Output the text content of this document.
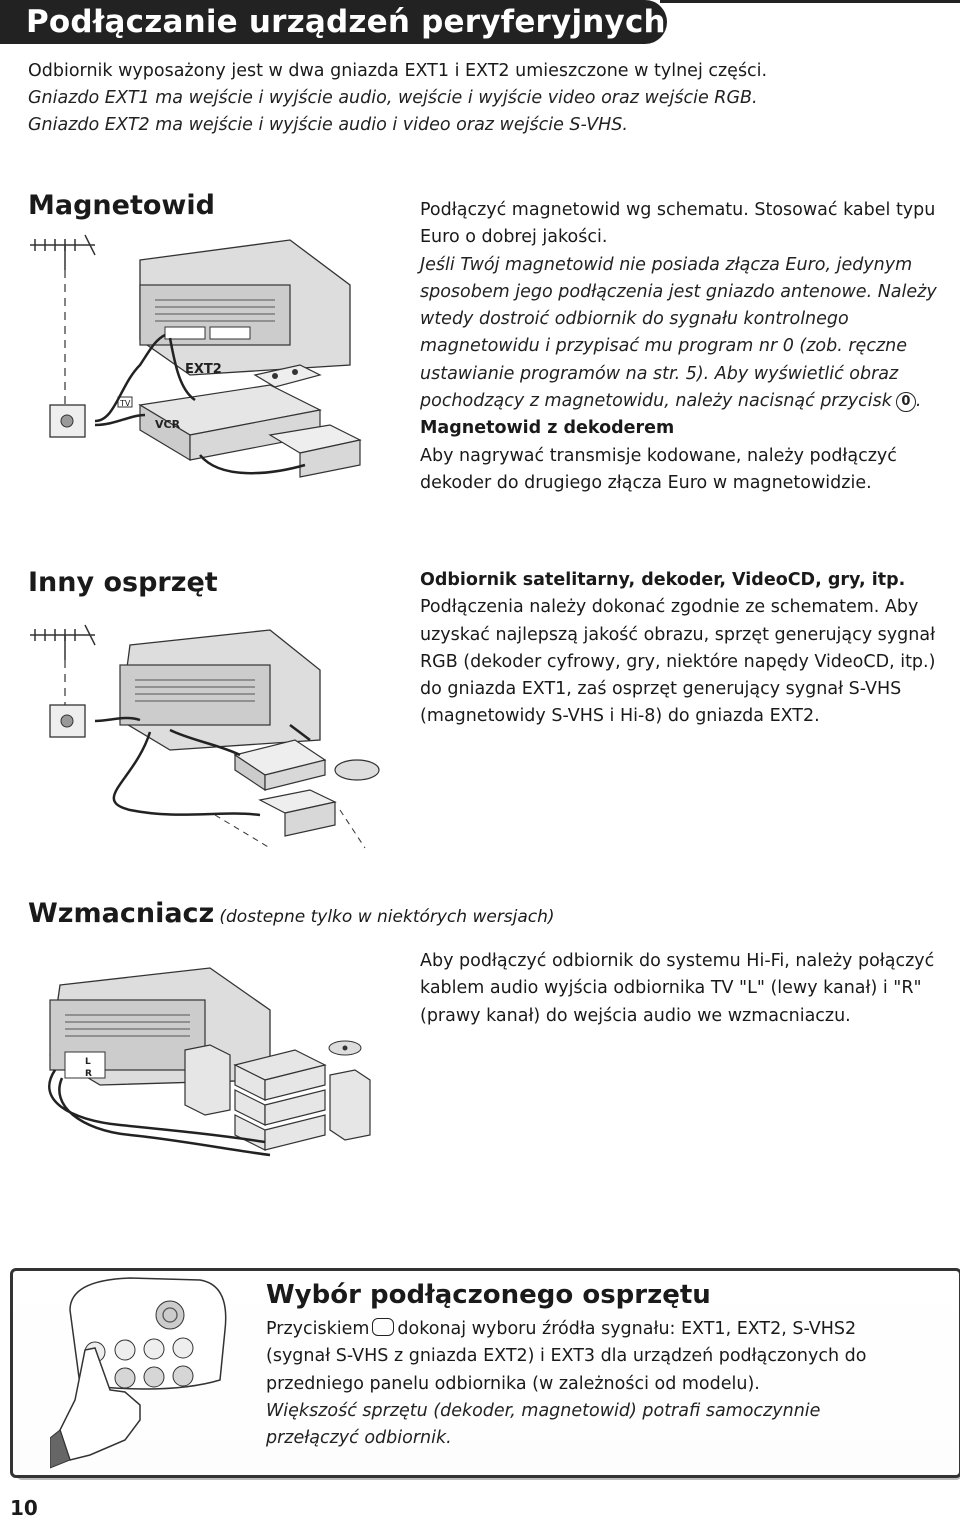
Podłączanie urządzeń peryferyjnych
Odbiornik wyposażony jest w dwa gniazda EXT1 i EXT2 umieszczone w tylnej części.
Gniazdo EXT1 ma wejście i wyjście audio, wejście i wyjście video oraz wejście RGB.
Gniazdo EXT2 ma wejście i wyjście audio i video oraz wejście S-VHS.
Magnetowid
EXT2
VCR
TV
Podłączyć magnetowid wg schematu. Stosować kabel typu Euro o dobrej jakości.
Jeśli Twój magnetowid nie posiada złącza Euro, jedynym sposobem jego podłączenia jest gniazdo antenowe. Należy wtedy dostroić odbiornik do sygnału kontrolnego magnetowidu i przypisać mu program nr 0 (zob. ręczne ustawianie programów na str. 5). Aby wyświetlić obraz pochodzący z magnetowidu, należy nacisnąć przycisk 0 .
Magnetowid z dekoderem
Aby nagrywać transmisje kodowane, należy podłączyć dekoder do drugiego złącza Euro w magnetowidzie.
Inny osprzęt	Odbiornik satelitarny, dekoder, VideoCD, gry, itp.
Podłączenia należy dokonać zgodnie ze schematem. Aby uzyskać najlepszą jakość obrazu, sprzęt generujący sygnał RGB (dekoder cyfrowy, gry, niektóre napędy VideoCD, itp.) do gniazda EXT1, zaś osprzęt generujący sygnał S-VHS (magnetowidy S-VHS i Hi-8) do gniazda EXT2.
Wzmacniacz (dostepne tylko w niektórych wersjach)
L
R
Aby podłączyć odbiornik do systemu Hi-Fi, należy połączyć kablem audio wyjścia odbiornika TV "L" (lewy kanał) i "R" (prawy kanał) do wejścia audio we wzmacniaczu.
Wybór podłączonego osprzętu
Przyciskiem dokonaj wyboru źródła sygnału: EXT1, EXT2, S-VHS2 (sygnał S-VHS z gniazda EXT2) i EXT3 dla urządzeń podłączonych do przedniego panelu odbiornika (w zależności od modelu).
Większość sprzętu (dekoder, magnetowid) potrafi samoczynnie przełączyć odbiornik.
10
